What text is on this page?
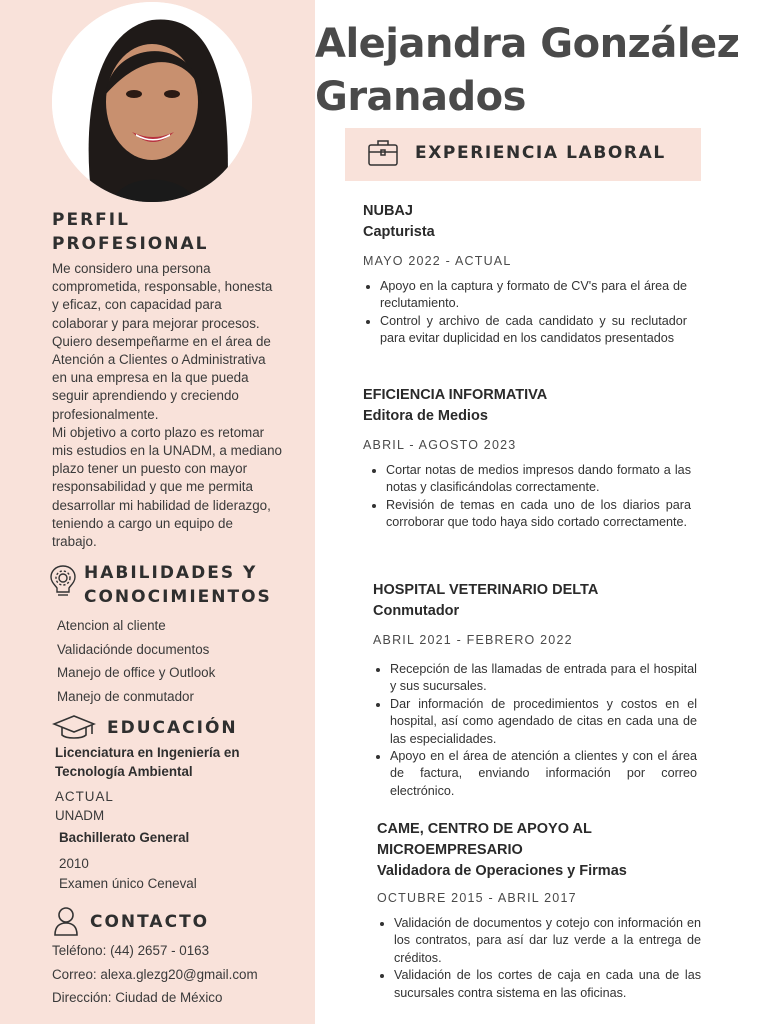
PERFIL
PROFESIONAL
Me considero una persona
comprometida, responsable, honesta
y eficaz, con capacidad para
colaborar y para mejorar procesos.
Quiero desempeñarme en el área de
Atención a Clientes o Administrativa
en una empresa en la que pueda
seguir aprendiendo y creciendo
profesionalmente.
Mi objetivo a corto plazo es retomar
mis estudios en la UNADM, a mediano
plazo tener un puesto con mayor
responsabilidad y que me permita
desarrollar mi habilidad de liderazgo,
teniendo a cargo un equipo de
trabajo.
HABILIDADES Y
CONOCIMIENTOS
Atencion al cliente
Validaciónde documentos
Manejo de office y Outlook
Manejo de conmutador
EDUCACIÓN
Licenciatura en Ingeniería en
Tecnología Ambiental
ACTUAL
UNADM
Bachillerato General
2010
Examen único Ceneval
CONTACTO
Teléfono: (44) 2657 - 0163
Correo: alexa.glezg20@gmail.com
Dirección: Ciudad de México
Alejandra González
Granados
EXPERIENCIA LABORAL
NUBAJ
Capturista
MAYO 2022 - ACTUAL
• Apoyo en la captura y formato de CV's para el área de reclutamiento.
• Control y archivo de cada candidato y su reclutador para evitar duplicidad en los candidatos presentados
EFICIENCIA INFORMATIVA
Editora de Medios
ABRIL - AGOSTO 2023
• Cortar notas de medios impresos dando formato a las notas y clasificándolas correctamente.
• Revisión de temas en cada uno de los diarios para corroborar que todo haya sido cortado correctamente.
HOSPITAL VETERINARIO DELTA
Conmutador
ABRIL 2021 - FEBRERO 2022
• Recepción de las llamadas de entrada para el hospital y sus sucursales.
• Dar información de procedimientos y costos en el hospital, así como agendado de citas en cada una de las especialidades.
• Apoyo en el área de atención a clientes y con el área de factura, enviando información por correo electrónico.
CAME, CENTRO DE APOYO AL MICROEMPRESARIO
Validadora de Operaciones y Firmas
OCTUBRE 2015 - ABRIL 2017
• Validación de documentos y cotejo con información en los contratos, para así dar luz verde a la entrega de créditos.
• Validación de los cortes de caja en cada una de las sucursales contra sistema en las oficinas.
